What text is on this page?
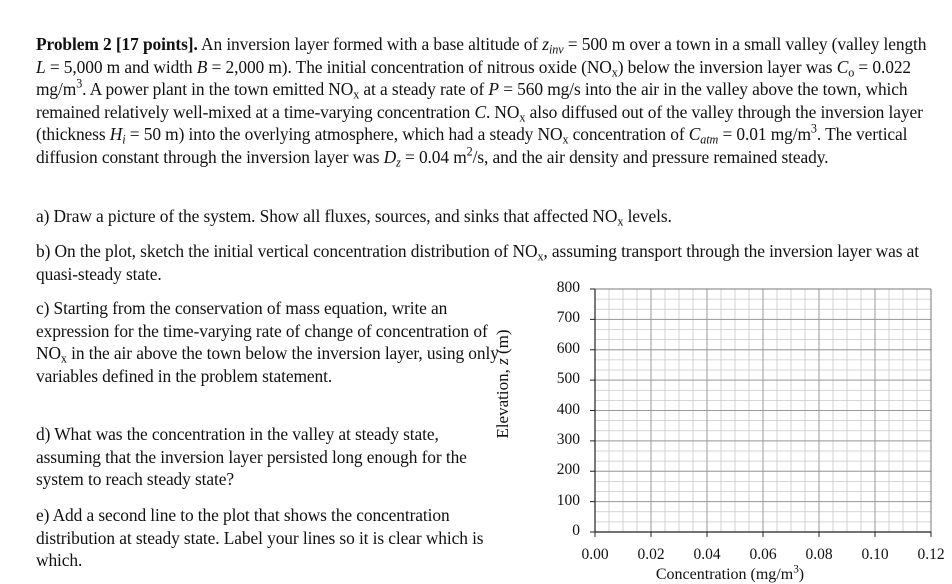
Problem 2 [17 points]. An inversion layer formed with a base altitude of $z_{inv} = 500$ m over a town in a small valley (valley length L = 5,000 m and width B = 2,000 m). The initial concentration of nitrous oxide $(NO_x)$ below the inversion layer was $C_o = 0.022$ $mg/m^3$. A power plant in the town emitted $NO_x$ at a steady rate of P = 560 mg/s into the air in the valley above the town, which remained relatively well-mixed at a time-varying concentration C. $NO_x$ also diffused out of the valley through the inversion layer (thickness $H_i = 50$ m) into the overlying atmosphere, which had a steady $NO_x$ concentration of $C_{atm} = 0.01$ $mg/m^3$. The vertical diffusion constant through the inversion layer was $D_z = 0.04$ $m^2/s$, and the air density and pressure remained steady.
a) Draw a picture of the system. Show all fluxes, sources, and sinks that affected $NO_x$ levels.
b) On the plot, sketch the initial vertical concentration distribution of $NO_x$, assuming transport through the inversion layer was at quasi-steady state.
c) Starting from the conservation of mass equation, write an expression for the time-varying rate of change of concentration of $NO_x$ in the air above the town below the inversion layer, using only variables defined in the problem statement.
d) What was the concentration in the valley at steady state, assuming that the inversion layer persisted long enough for the system to reach steady state?
e) Add a second line to the plot that shows the concentration distribution at steady state. Label your lines so it is clear which is which.
Elevation, z (m)
0
100
200
300
400
500
600
700
800
0.00	0.02	0.04	0.06	0.08	0.10	0.12
Concentration $(mg/m^3)$
